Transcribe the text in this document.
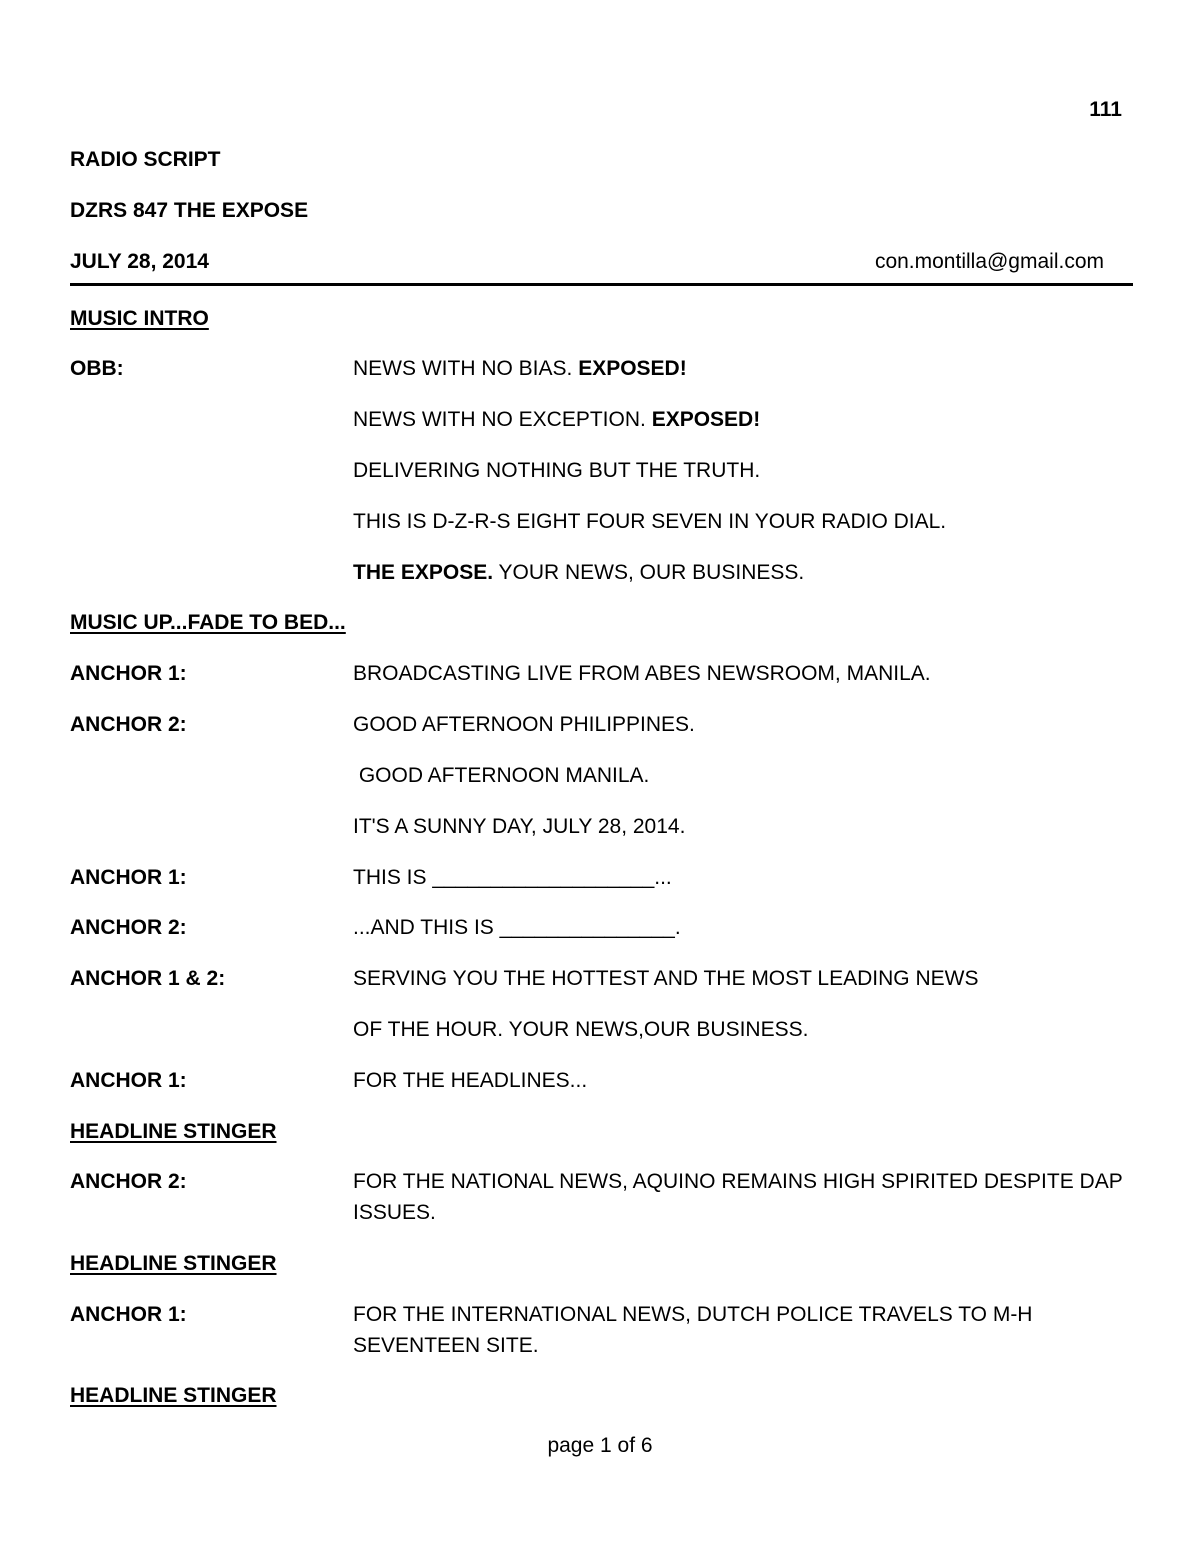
111
RADIO SCRIPT
DZRS 847 THE EXPOSE
JULY 28, 2014	con.montilla@gmail.com
MUSIC INTRO
OBB:	NEWS WITH NO BIAS. EXPOSED!
NEWS WITH NO EXCEPTION. EXPOSED!
DELIVERING NOTHING BUT THE TRUTH.
THIS IS D-Z-R-S EIGHT FOUR SEVEN IN YOUR RADIO DIAL.
THE EXPOSE. YOUR NEWS, OUR BUSINESS.
MUSIC UP...FADE TO BED...
ANCHOR 1:	BROADCASTING LIVE FROM ABES NEWSROOM, MANILA.
ANCHOR 2:	GOOD AFTERNOON PHILIPPINES.
GOOD AFTERNOON MANILA.
IT'S A SUNNY DAY, JULY 28, 2014.
ANCHOR 1:	THIS IS ___________________...
ANCHOR 2:	...AND THIS IS _______________.
ANCHOR 1 & 2:	SERVING YOU THE HOTTEST AND THE MOST LEADING NEWS
OF THE HOUR. YOUR NEWS,OUR BUSINESS.
ANCHOR 1:	FOR THE HEADLINES...
HEADLINE STINGER
ANCHOR 2:	FOR THE NATIONAL NEWS, AQUINO REMAINS HIGH SPIRITED DESPITE DAP ISSUES.
HEADLINE STINGER
ANCHOR 1:	FOR THE INTERNATIONAL NEWS, DUTCH POLICE TRAVELS TO M-H SEVENTEEN SITE.
HEADLINE STINGER
page 1 of 6
